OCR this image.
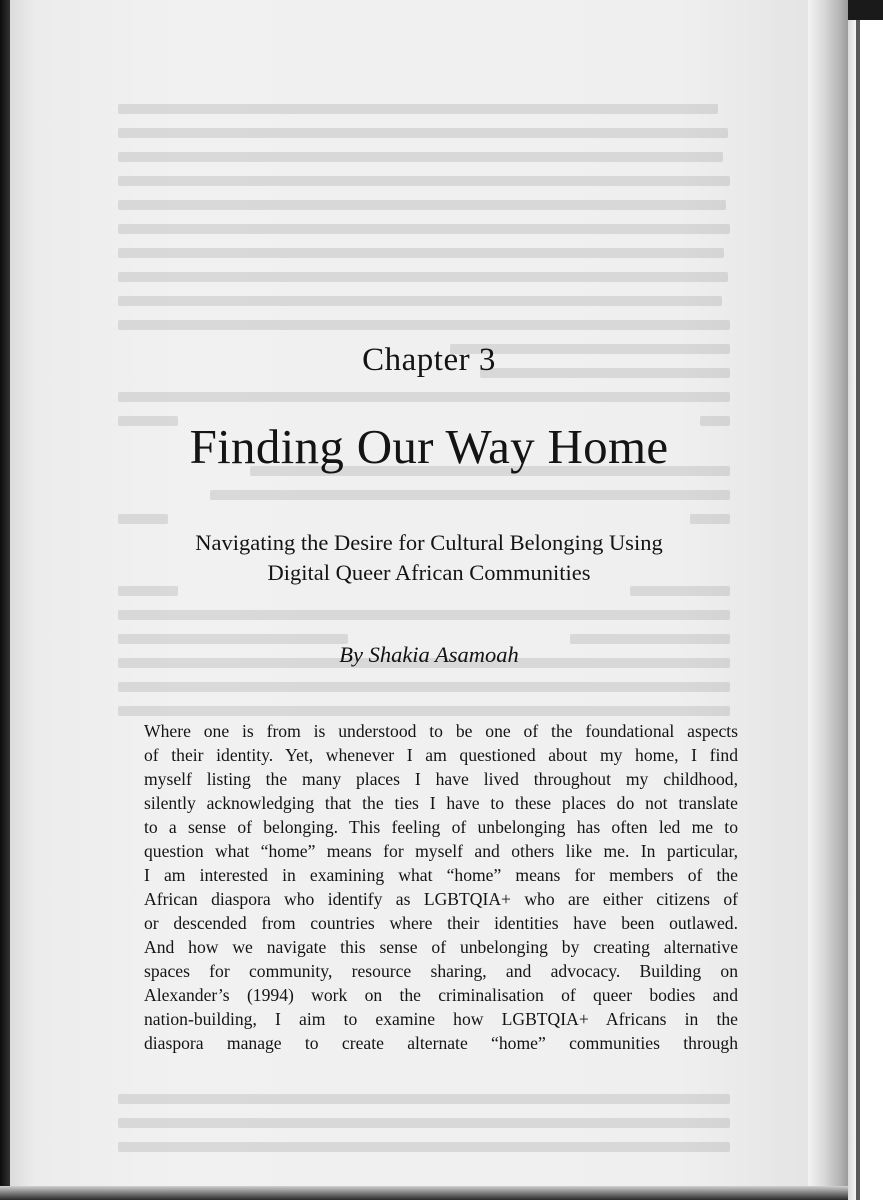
Chapter 3
Finding Our Way Home
Navigating the Desire for Cultural Belonging Using
Digital Queer African Communities
By Shakia Asamoah
Where one is from is understood to be one of the foundational aspects
of their identity. Yet, whenever I am questioned about my home, I find
myself listing the many places I have lived throughout my childhood,
silently acknowledging that the ties I have to these places do not translate
to a sense of belonging. This feeling of unbelonging has often led me to
question what “home” means for myself and others like me. In particular,
I am interested in examining what “home” means for members of the
African diaspora who identify as LGBTQIA+ who are either citizens of
or descended from countries where their identities have been outlawed.
And how we navigate this sense of unbelonging by creating alternative
spaces for community, resource sharing, and advocacy. Building on
Alexander’s (1994) work on the criminalisation of queer bodies and
nation-building, I aim to examine how LGBTQIA+ Africans in the
diaspora manage to create alternate “home” communities through
